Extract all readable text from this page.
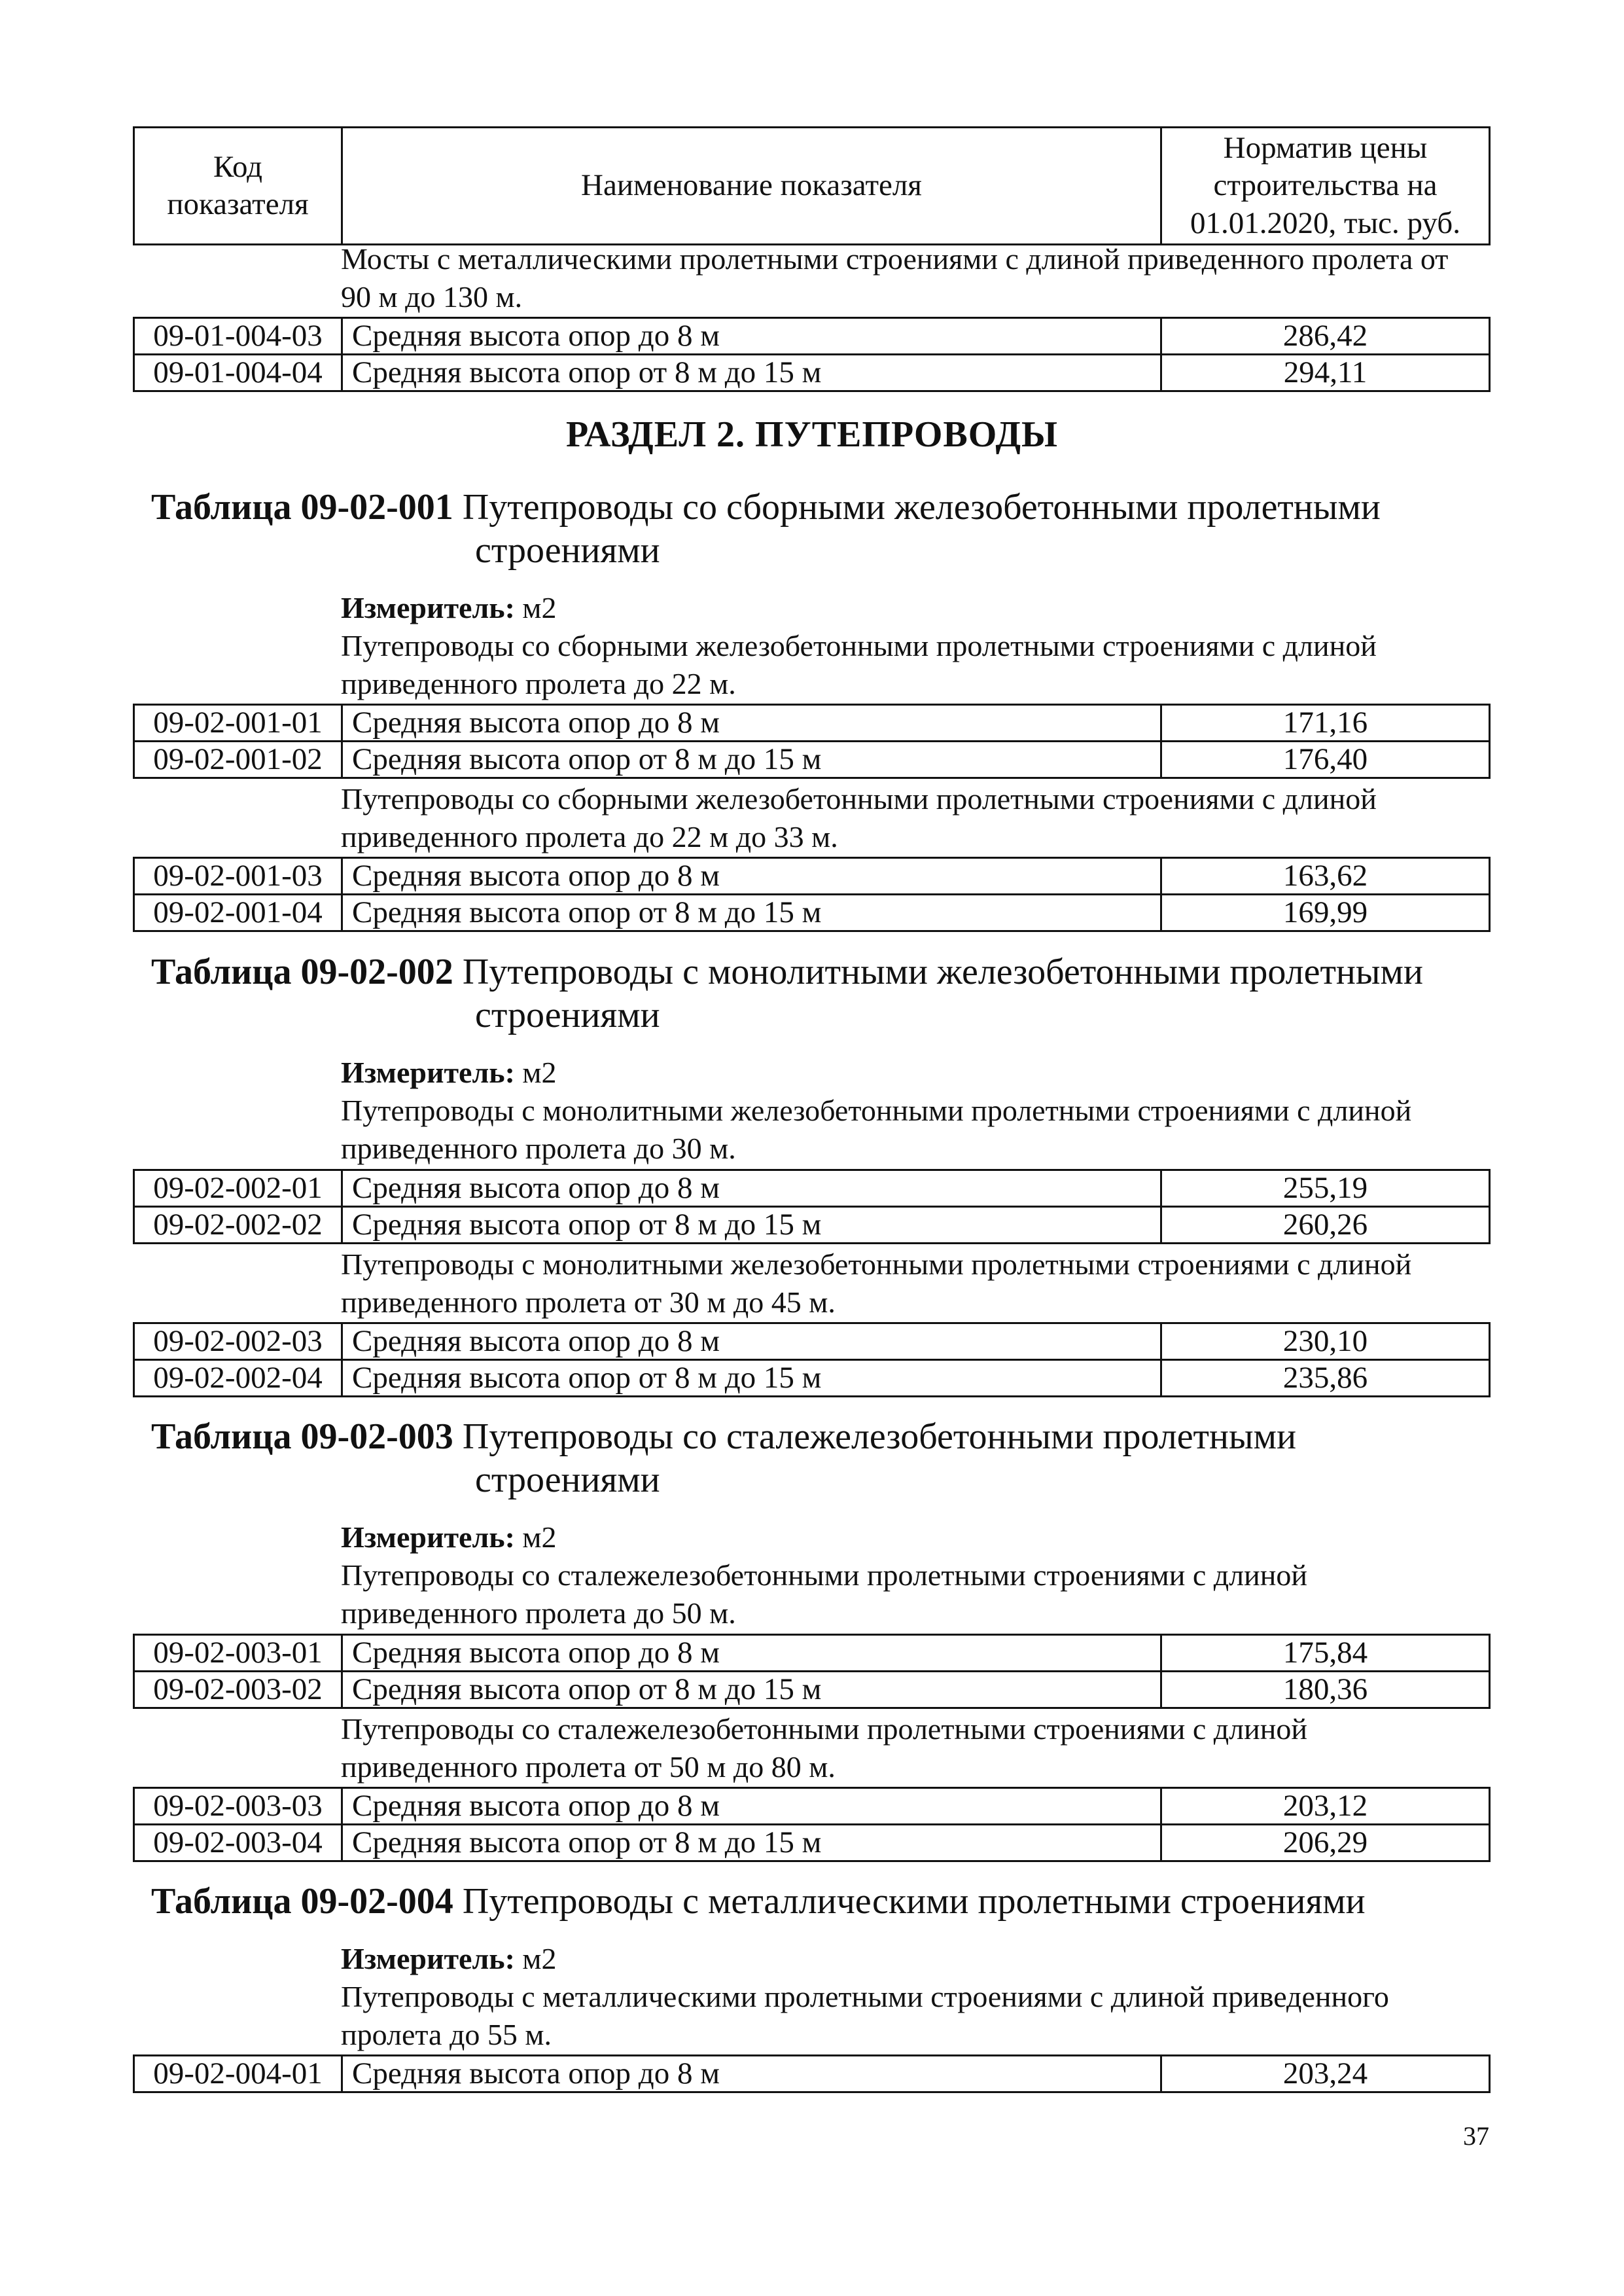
Код показателя	Наименование показателя	Норматив цены строительства на 01.01.2020, тыс. руб.
Мосты с металлическими пролетными строениями с длиной приведенного пролета от 90 м до 130 м.
09-01-004-03	Средняя высота опор до 8 м	286,42
09-01-004-04	Средняя высота опор от 8 м до 15 м	294,11
РАЗДЕЛ 2. ПУТЕПРОВОДЫ
Таблица 09-02-001 Путепроводы со сборными железобетонными пролетными
строениями
Измеритель: м2
Путепроводы со сборными железобетонными пролетными строениями с длиной приведенного пролета до 22 м.
09-02-001-01	Средняя высота опор до 8 м	171,16
09-02-001-02	Средняя высота опор от 8 м до 15 м	176,40
Путепроводы со сборными железобетонными пролетными строениями с длиной приведенного пролета до 22 м до 33 м.
09-02-001-03	Средняя высота опор до 8 м	163,62
09-02-001-04	Средняя высота опор от 8 м до 15 м	169,99
Таблица 09-02-002 Путепроводы с монолитными железобетонными пролетными
строениями
Измеритель: м2
Путепроводы с монолитными железобетонными пролетными строениями с длиной приведенного пролета до 30 м.
09-02-002-01	Средняя высота опор до 8 м	255,19
09-02-002-02	Средняя высота опор от 8 м до 15 м	260,26
Путепроводы с монолитными железобетонными пролетными строениями с длиной приведенного пролета от 30 м до 45 м.
09-02-002-03	Средняя высота опор до 8 м	230,10
09-02-002-04	Средняя высота опор от 8 м до 15 м	235,86
Таблица 09-02-003 Путепроводы со сталежелезобетонными пролетными
строениями
Измеритель: м2
Путепроводы со сталежелезобетонными пролетными строениями с длиной приведенного пролета до 50 м.
09-02-003-01	Средняя высота опор до 8 м	175,84
09-02-003-02	Средняя высота опор от 8 м до 15 м	180,36
Путепроводы со сталежелезобетонными пролетными строениями с длиной приведенного пролета от 50 м до 80 м.
09-02-003-03	Средняя высота опор до 8 м	203,12
09-02-003-04	Средняя высота опор от 8 м до 15 м	206,29
Таблица 09-02-004 Путепроводы с металлическими пролетными строениями
Измеритель: м2
Путепроводы с металлическими пролетными строениями с длиной приведенного пролета до 55 м.
09-02-004-01	Средняя высота опор до 8 м	203,24
37
